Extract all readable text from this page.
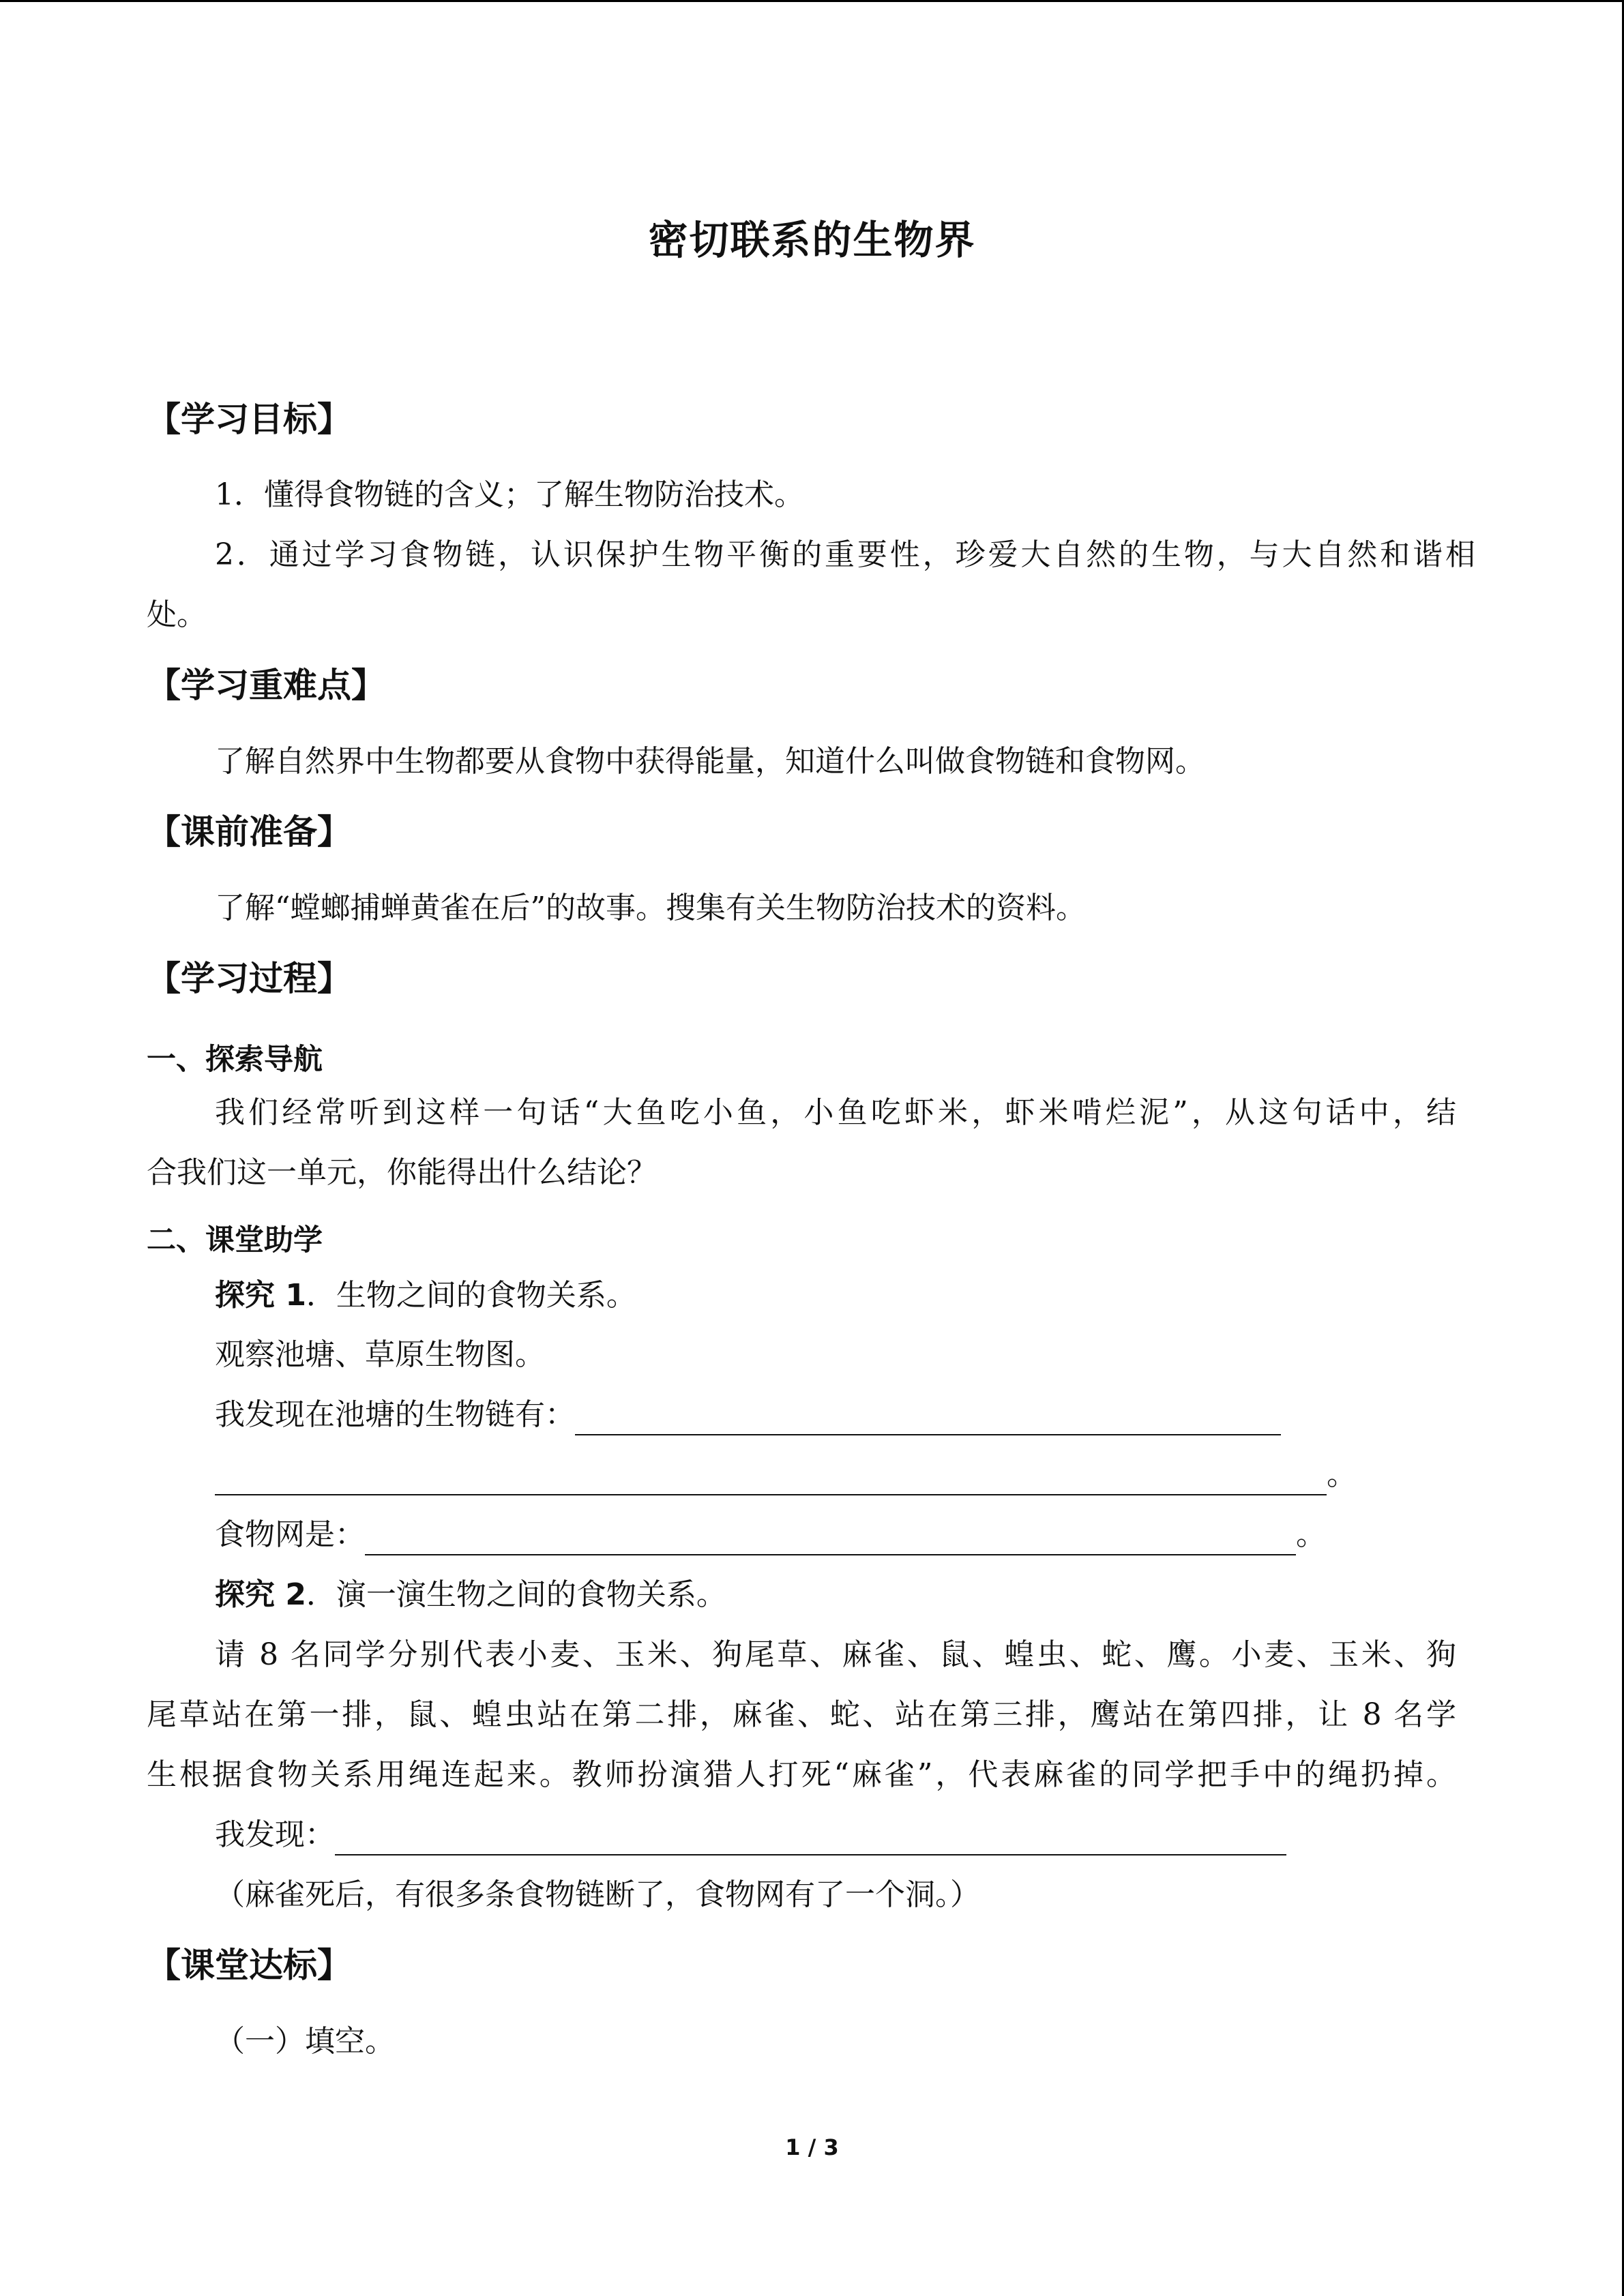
密切联系的生物界
【学习目标】
1．懂得食物链的含义；了解生物防治技术。
2．通过学习食物链，认识保护生物平衡的重要性，珍爱大自然的生物，与大自然和谐相
处。
【学习重难点】
了解自然界中生物都要从食物中获得能量，知道什么叫做食物链和食物网。
【课前准备】
了解“螳螂捕蝉黄雀在后”的故事。搜集有关生物防治技术的资料。
【学习过程】
一、探索导航
我们经常听到这样一句话“大鱼吃小鱼，小鱼吃虾米，虾米啃烂泥”，从这句话中，结
合我们这一单元，你能得出什么结论？
二、课堂助学
探究 1．生物之间的食物关系。
观察池塘、草原生物图。
我发现在池塘的生物链有：
。
食物网是：	。
探究 2．演一演生物之间的食物关系。
请 8 名同学分别代表小麦、玉米、狗尾草、麻雀、鼠、蝗虫、蛇、鹰。小麦、玉米、狗
尾草站在第一排，鼠、蝗虫站在第二排，麻雀、蛇、站在第三排，鹰站在第四排，让 8 名学
生根据食物关系用绳连起来。教师扮演猎人打死“麻雀”，代表麻雀的同学把手中的绳扔掉。
我发现：
（麻雀死后，有很多条食物链断了，食物网有了一个洞。）
【课堂达标】
（一）填空。
1 / 3
